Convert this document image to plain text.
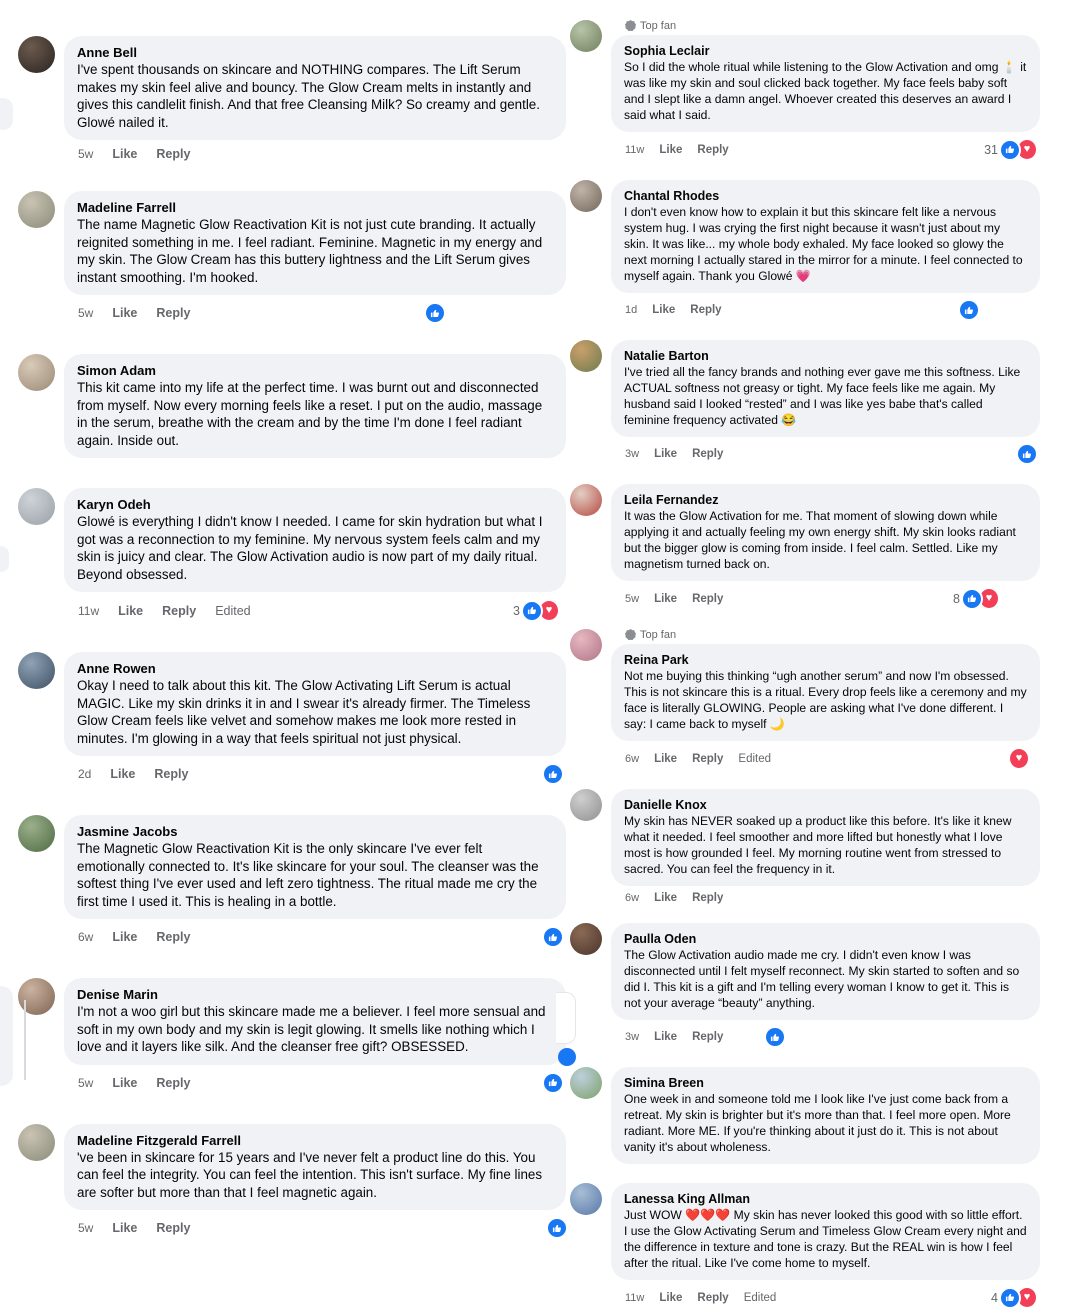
Anne Bell
I've spent thousands on skincare and NOTHING compares. The Lift Serum makes my skin feel alive and bouncy. The Glow Cream melts in instantly and gives this candlelit finish. And that free Cleansing Milk? So creamy and gentle. Glowé nailed it.
5w Like Reply
Madeline Farrell
The name Magnetic Glow Reactivation Kit is not just cute branding. It actually reignited something in me. I feel radiant. Feminine. Magnetic in my energy and my skin. The Glow Cream has this buttery lightness and the Lift Serum gives instant smoothing. I'm hooked.
5w Like Reply
Simon Adam
This kit came into my life at the perfect time. I was burnt out and disconnected from myself. Now every morning feels like a reset. I put on the audio, massage in the serum, breathe with the cream and by the time I'm done I feel radiant again. Inside out.
Karyn Odeh
Glowé is everything I didn't know I needed. I came for skin hydration but what I got was a reconnection to my feminine. My nervous system feels calm and my skin is juicy and clear. The Glow Activation audio is now part of my daily ritual. Beyond obsessed.
11w Like Reply Edited	3	♥
Anne Rowen
Okay I need to talk about this kit. The Glow Activating Lift Serum is actual MAGIC. Like my skin drinks it in and I swear it's already firmer. The Timeless Glow Cream feels like velvet and somehow makes me look more rested in minutes. I'm glowing in a way that feels spiritual not just physical.
2d Like Reply
Jasmine Jacobs
The Magnetic Glow Reactivation Kit is the only skincare I've ever felt emotionally connected to. It's like skincare for your soul. The cleanser was the softest thing I've ever used and left zero tightness. The ritual made me cry the first time I used it. This is healing in a bottle.
6w Like Reply
Denise Marin
I'm not a woo girl but this skincare made me a believer. I feel more sensual and soft in my own body and my skin is legit glowing. It smells like nothing which I love and it layers like silk. And the cleanser free gift? OBSESSED.
5w Like Reply
Madeline Fitzgerald Farrell
've been in skincare for 15 years and I've never felt a product line do this. You can feel the integrity. You can feel the intention. This isn't surface. My fine lines are softer but more than that I feel magnetic again.
5w Like Reply
Top fan
Sophia Leclair
So I did the whole ritual while listening to the Glow Activation and omg 🕯️ it was like my skin and soul clicked back together. My face feels baby soft and I slept like a damn angel. Whoever created this deserves an award I said what I said.
11w Like Reply	31	♥
Chantal Rhodes
I don't even know how to explain it but this skincare felt like a nervous system hug. I was crying the first night because it wasn't just about my skin. It was like... my whole body exhaled. My face looked so glowy the next morning I actually stared in the mirror for a minute. I feel connected to myself again. Thank you Glowé 💗
1d Like Reply
Natalie Barton
I've tried all the fancy brands and nothing ever gave me this softness. Like ACTUAL softness not greasy or tight. My face feels like me again. My husband said I looked “rested” and I was like yes babe that's called feminine frequency activated 😂
3w Like Reply
Leila Fernandez
It was the Glow Activation for me. That moment of slowing down while applying it and actually feeling my own energy shift. My skin looks radiant but the bigger glow is coming from inside. I feel calm. Settled. Like my magnetism turned back on.
5w Like Reply	8	♥
Top fan
Reina Park
Not me buying this thinking “ugh another serum” and now I'm obsessed. This is not skincare this is a ritual. Every drop feels like a ceremony and my face is literally GLOWING. People are asking what I've done different. I say: I came back to myself 🌙
6w Like Reply Edited	♥
Danielle Knox
My skin has NEVER soaked up a product like this before. It's like it knew what it needed. I feel smoother and more lifted but honestly what I love most is how grounded I feel. My morning routine went from stressed to sacred. You can feel the frequency in it.
6w Like Reply
Paulla Oden
The Glow Activation audio made me cry. I didn't even know I was disconnected until I felt myself reconnect. My skin started to soften and so did I. This kit is a gift and I'm telling every woman I know to get it. This is not your average “beauty” anything.
3w Like Reply
Simina Breen
One week in and someone told me I look like I've just come back from a retreat. My skin is brighter but it's more than that. I feel more open. More radiant. More ME. If you're thinking about it just do it. This is not about vanity it's about wholeness.
Lanessa King Allman
Just WOW ❤️❤️❤️ My skin has never looked this good with so little effort. I use the Glow Activating Serum and Timeless Glow Cream every night and the difference in texture and tone is crazy. But the REAL win is how I feel after the ritual. Like I've come home to myself.
11w Like Reply Edited	4	♥
